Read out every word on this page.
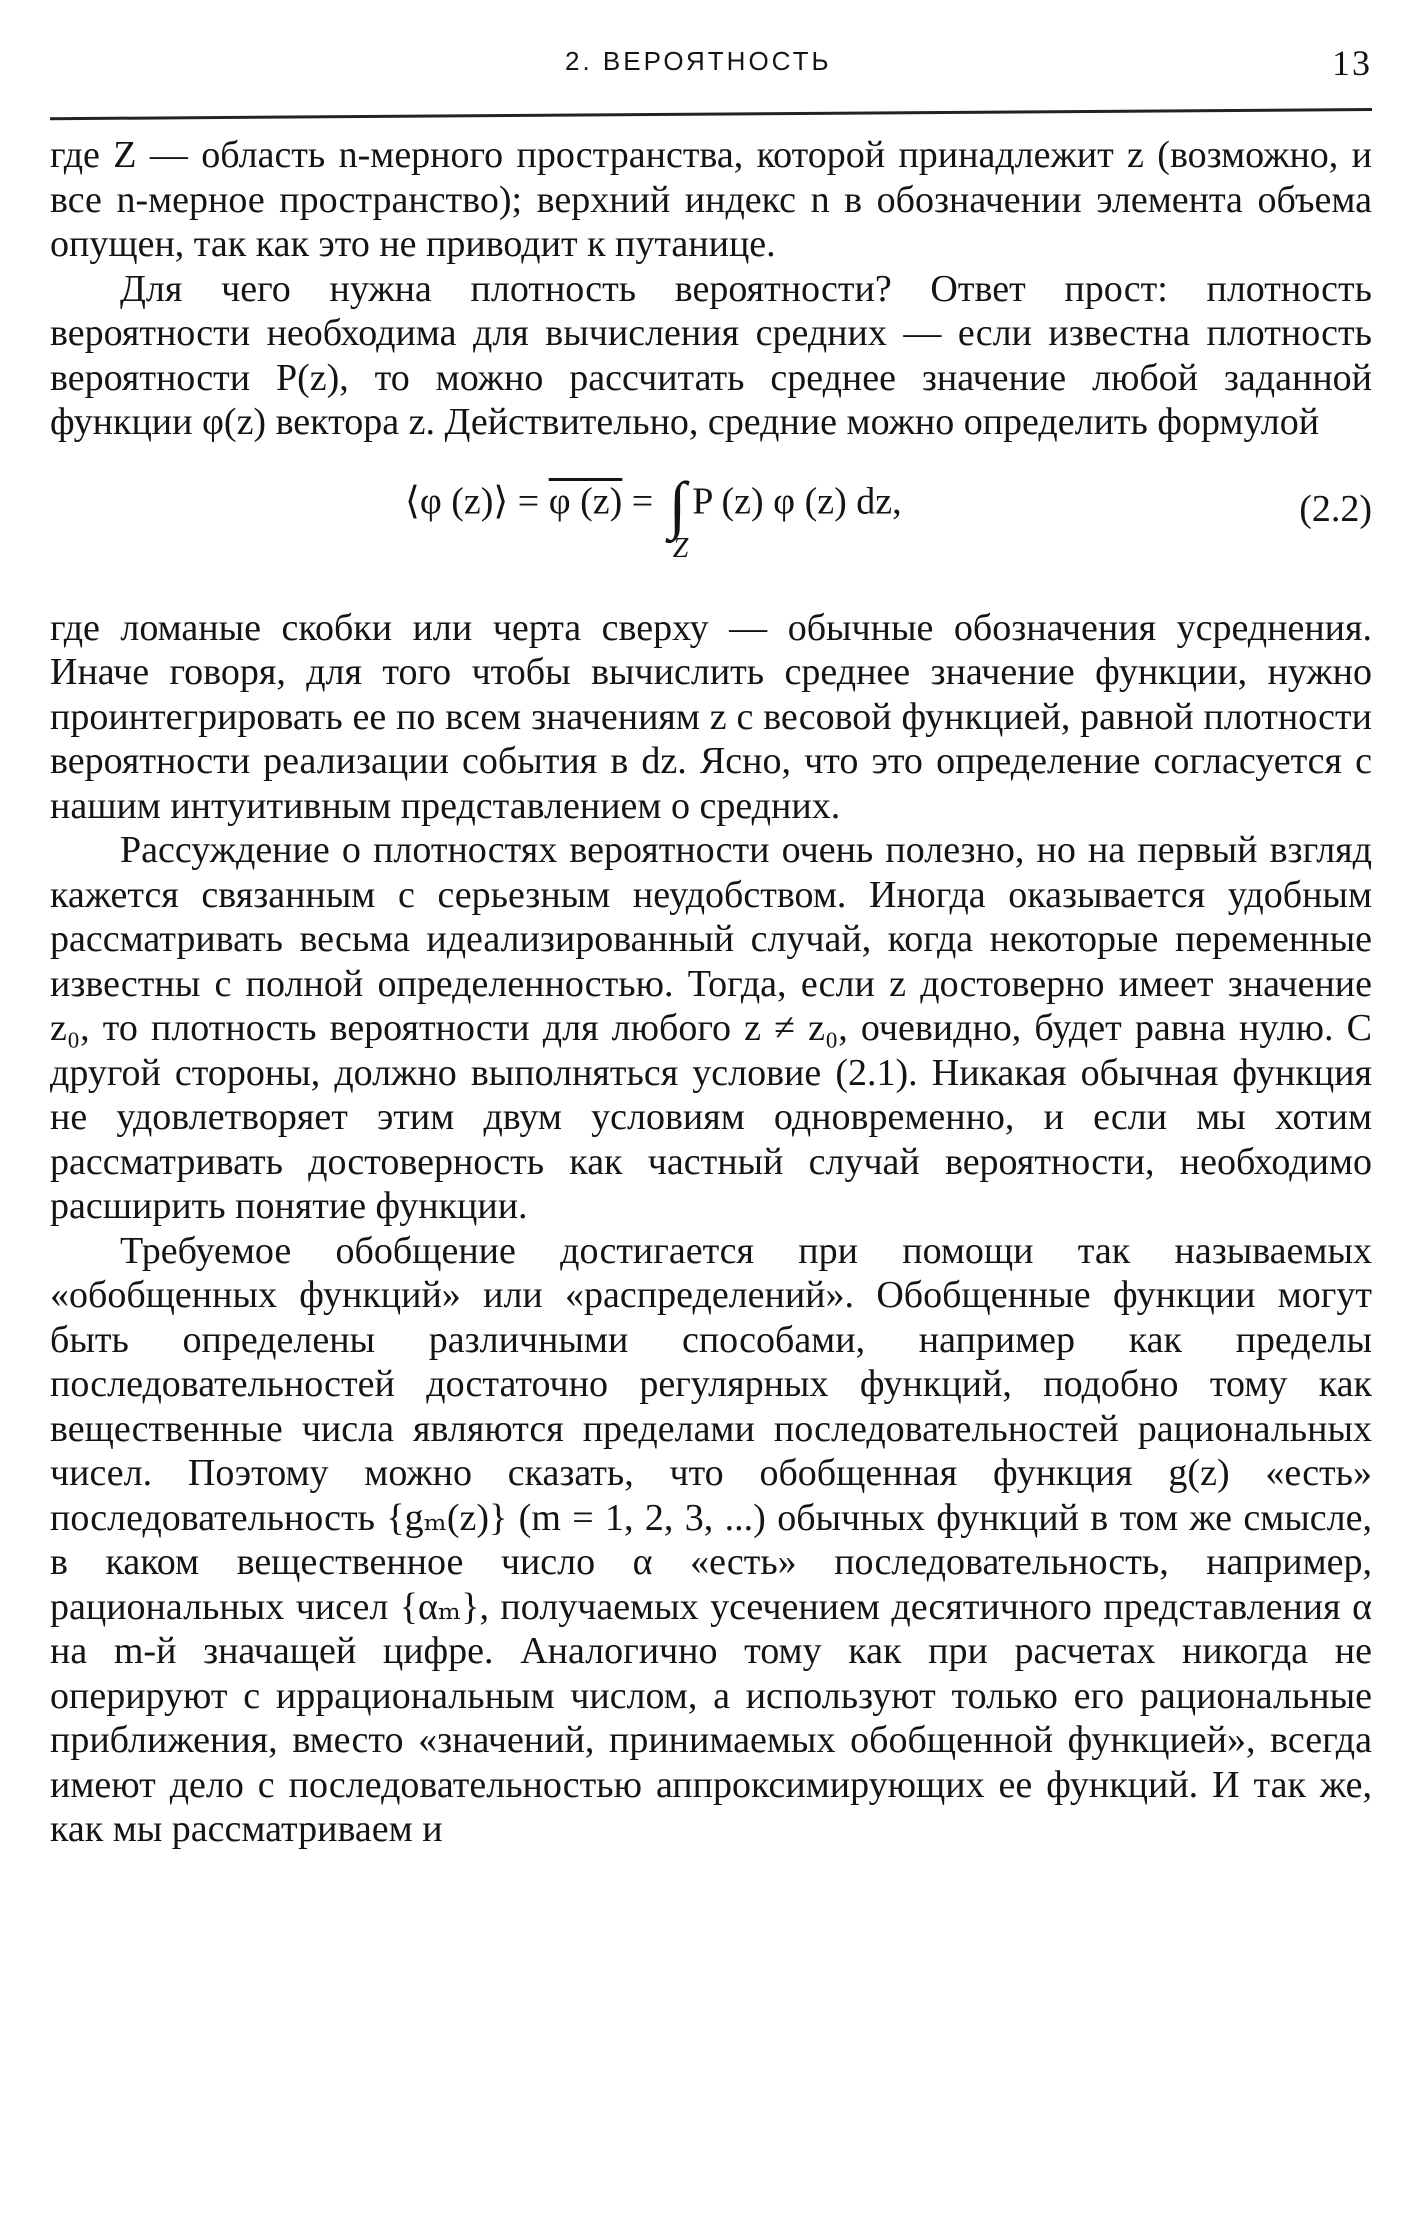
2. ВЕРОЯТНОСТЬ	13

где Z — область n-мерного пространства, которой принадлежит z (возможно, и все n-мерное пространство); верхний индекс n в обозначении элемента объема опущен, так как это не приводит к путанице.

Для чего нужна плотность вероятности? Ответ прост: плотность вероятности необходима для вычисления средних — если известна плотность вероятности P(z), то можно рассчитать среднее значение любой заданной функции φ(z) вектора z. Действительно, средние можно определить формулой

⟨φ (z)⟩ = φ (z) = ∫
Z
P (z) φ (z) dz,	(2.2)

где ломаные скобки или черта сверху — обычные обозначения усреднения. Иначе говоря, для того чтобы вычислить среднее значение функции, нужно проинтегрировать ее по всем значениям z с весовой функцией, равной плотности вероятности реализации события в dz. Ясно, что это определение согласуется с нашим интуитивным представлением о средних.

Рассуждение о плотностях вероятности очень полезно, но на первый взгляд кажется связанным с серьезным неудобством. Иногда оказывается удобным рассматривать весьма идеализированный случай, когда некоторые переменные известны с полной определенностью. Тогда, если z достоверно имеет значение z₀, то плотность вероятности для любого z ≠ z₀, очевидно, будет равна нулю. С другой стороны, должно выполняться условие (2.1). Никакая обычная функция не удовлетворяет этим двум условиям одновременно, и если мы хотим рассматривать достоверность как частный случай вероятности, необходимо расширить понятие функции.

Требуемое обобщение достигается при помощи так называемых «обобщенных функций» или «распределений». Обобщенные функции могут быть определены различными способами, например как пределы последовательностей достаточно регулярных функций, подобно тому как вещественные числа являются пределами последовательностей рациональных чисел. Поэтому можно сказать, что обобщенная функция g(z) «есть» последовательность {gₘ(z)} (m = 1, 2, 3, ...) обычных функций в том же смысле, в каком вещественное число α «есть» последовательность, например, рациональных чисел {αₘ}, получаемых усечением десятичного представления α на m-й значащей цифре. Аналогично тому как при расчетах никогда не оперируют с иррациональным числом, а используют только его рациональные приближения, вместо «значений, принимаемых обобщенной функцией», всегда имеют дело с последовательностью аппроксимирующих ее функций. И так же, как мы рассматриваем и
